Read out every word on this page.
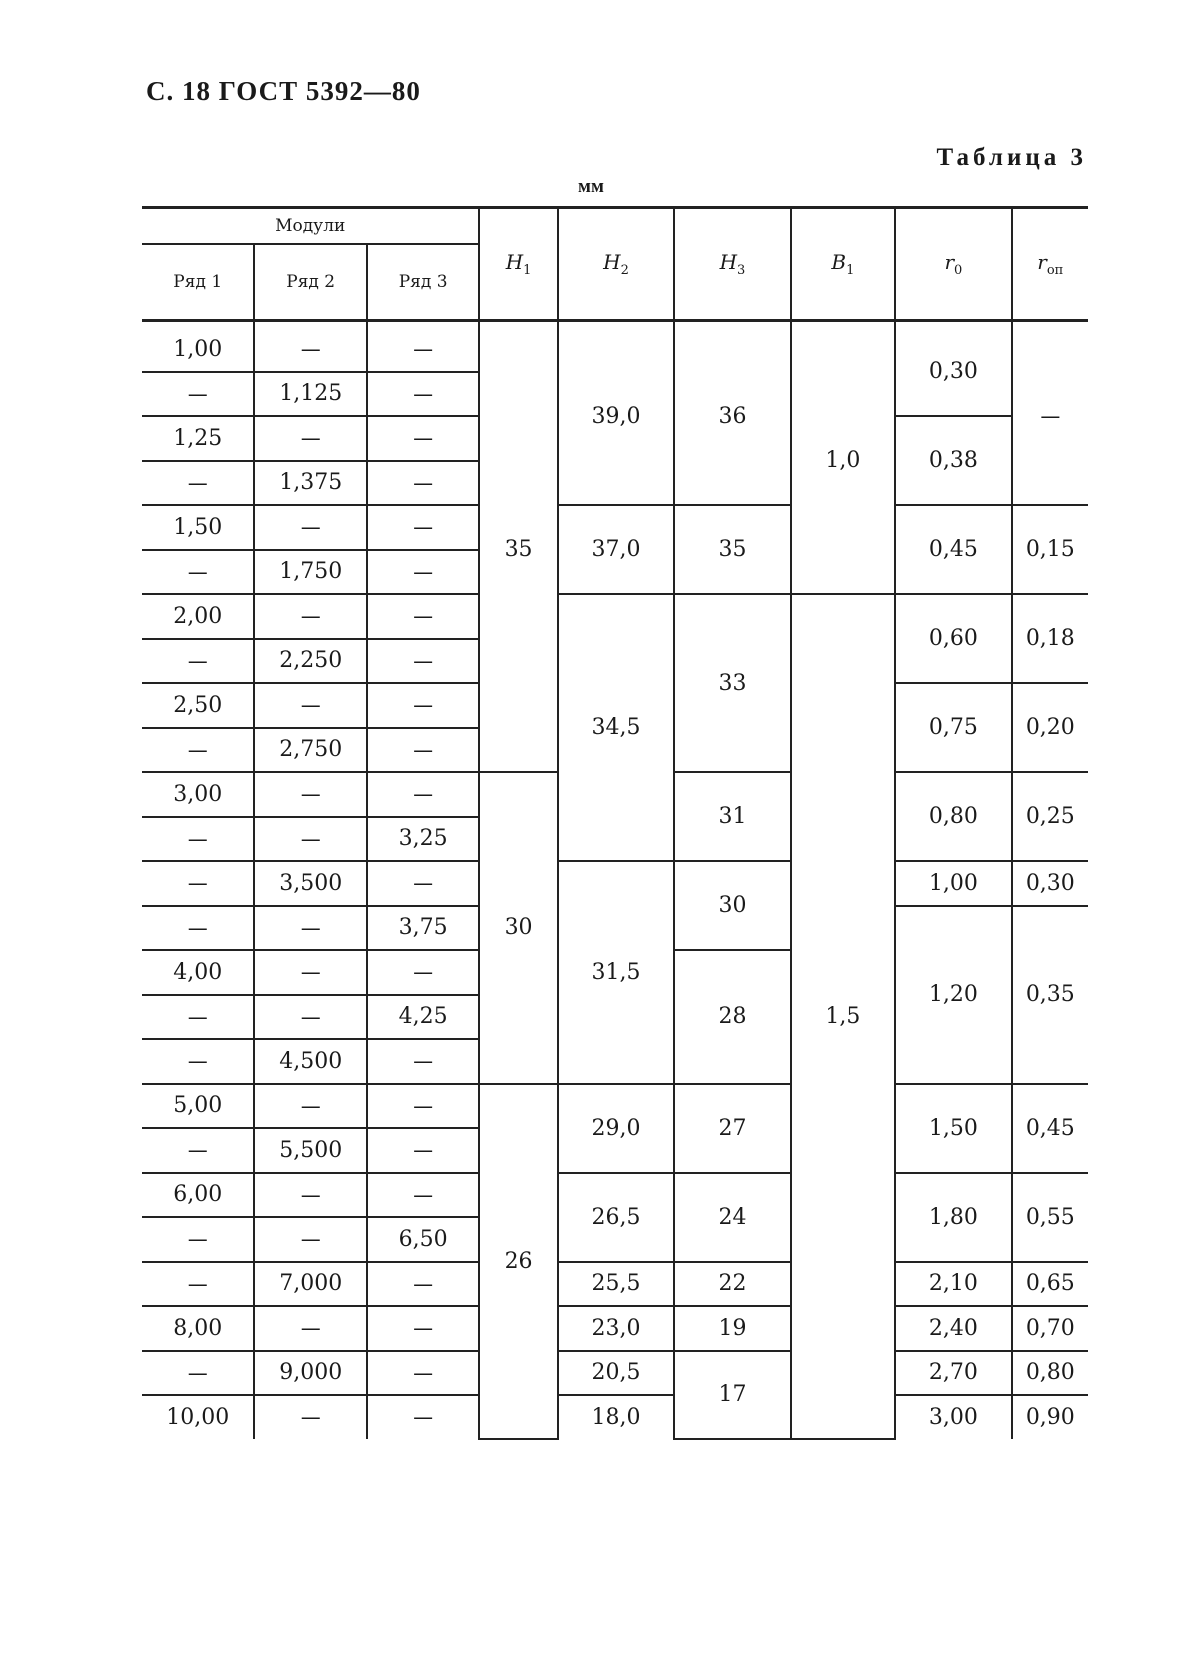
С. 18 ГОСТ 5392—80
Таблица 3
мм
Модули			$H_1$	$H_2$	$H_3$	$B_1$	$r_0$	$r_{оп}$
Ряд 1	Ряд 2	Ряд 3						
1,00	—	—	35	39,0	36	1,0	0,30	—
—	1,125	—						
1,25	—	—					0,38	
—	1,375	—						
1,50	—	—		37,0	35		0,45	0,15
—	1,750	—						
2,00	—	—		34,5	33	1,5	0,60	0,18
—	2,250	—						
2,50	—	—					0,75	0,20
—	2,750	—						
3,00	—	—	30		31		0,80	0,25
—	—	3,25						
—	3,500	—		31,5	30		1,00	0,30
—	—	3,75					1,20	0,35
4,00	—	—			28			
—	—	4,25						
—	4,500	—						
5,00	—	—	26	29,0	27		1,50	0,45
—	5,500	—						
6,00	—	—		26,5	24		1,80	0,55
—	—	6,50						
—	7,000	—		25,5	22		2,10	0,65
8,00	—	—		23,0	19		2,40	0,70
—	9,000	—		20,5	17		2,70	0,80
10,00	—	—		18,0			3,00	0,90
